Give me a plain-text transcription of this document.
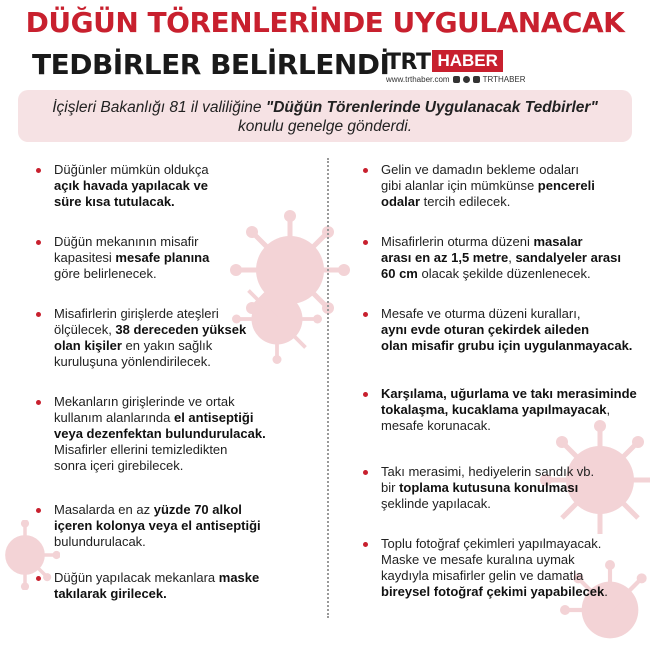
DÜĞÜN TÖRENLERİNDE UYGULANACAK
TEDBİRLER BELİRLENDİ
TRT HABER
www.trthaber.com	TRTHABER
İçişleri Bakanlığı 81 il valiliğine "Düğün Törenlerinde Uygulanacak Tedbirler"
konulu genelge gönderdi.
Düğünler mümkün oldukça
açık havada yapılacak ve
süre kısa tutulacak.
Düğün mekanının misafir
kapasitesi mesafe planına
göre belirlenecek.
Misafirlerin girişlerde ateşleri
ölçülecek, 38 dereceden yüksek
olan kişiler en yakın sağlık
kuruluşuna yönlendirilecek.
Mekanların girişlerinde ve ortak
kullanım alanlarında el antiseptiği
veya dezenfektan bulundurulacak.
Misafirler ellerini temizledikten
sonra içeri girebilecek.
Masalarda en az yüzde 70 alkol
içeren kolonya veya el antiseptiği
bulundurulacak.
Düğün yapılacak mekanlara maske
takılarak girilecek.
Gelin ve damadın bekleme odaları
gibi alanlar için mümkünse pencereli
odalar tercih edilecek.
Misafirlerin oturma düzeni masalar
arası en az 1,5 metre, sandalyeler arası
60 cm olacak şekilde düzenlenecek.
Mesafe ve oturma düzeni kuralları,
aynı evde oturan çekirdek aileden
olan misafir grubu için uygulanmayacak.
Karşılama, uğurlama ve takı merasiminde
tokalaşma, kucaklama yapılmayacak,
mesafe korunacak.
Takı merasimi, hediyelerin sandık vb.
bir toplama kutusuna konulması
şeklinde yapılacak.
Toplu fotoğraf çekimleri yapılmayacak.
Maske ve mesafe kuralına uymak
kaydıyla misafirler gelin ve damatla
bireysel fotoğraf çekimi yapabilecek.
